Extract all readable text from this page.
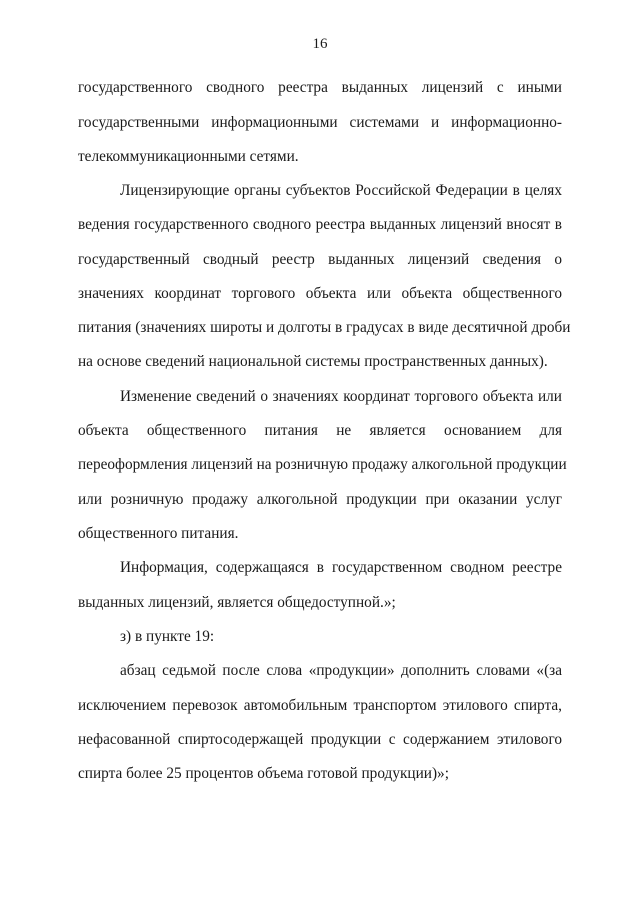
16
государственного сводного реестра выданных лицензий с иными
государственными информационными системами и информационно-
телекоммуникационными сетями.
Лицензирующие органы субъектов Российской Федерации в целях
ведения государственного сводного реестра выданных лицензий вносят в
государственный сводный реестр выданных лицензий сведения о
значениях координат торгового объекта или объекта общественного
питания (значениях широты и долготы в градусах в виде десятичной дроби
на основе сведений национальной системы пространственных данных).
Изменение сведений о значениях координат торгового объекта или
объекта общественного питания не является основанием для
переоформления лицензий на розничную продажу алкогольной продукции
или розничную продажу алкогольной продукции при оказании услуг
общественного питания.
Информация, содержащаяся в государственном сводном реестре
выданных лицензий, является общедоступной.»;
з) в пункте 19:
абзац седьмой после слова «продукции» дополнить словами «(за
исключением перевозок автомобильным транспортом этилового спирта,
нефасованной спиртосодержащей продукции с содержанием этилового
спирта более 25 процентов объема готовой продукции)»;
